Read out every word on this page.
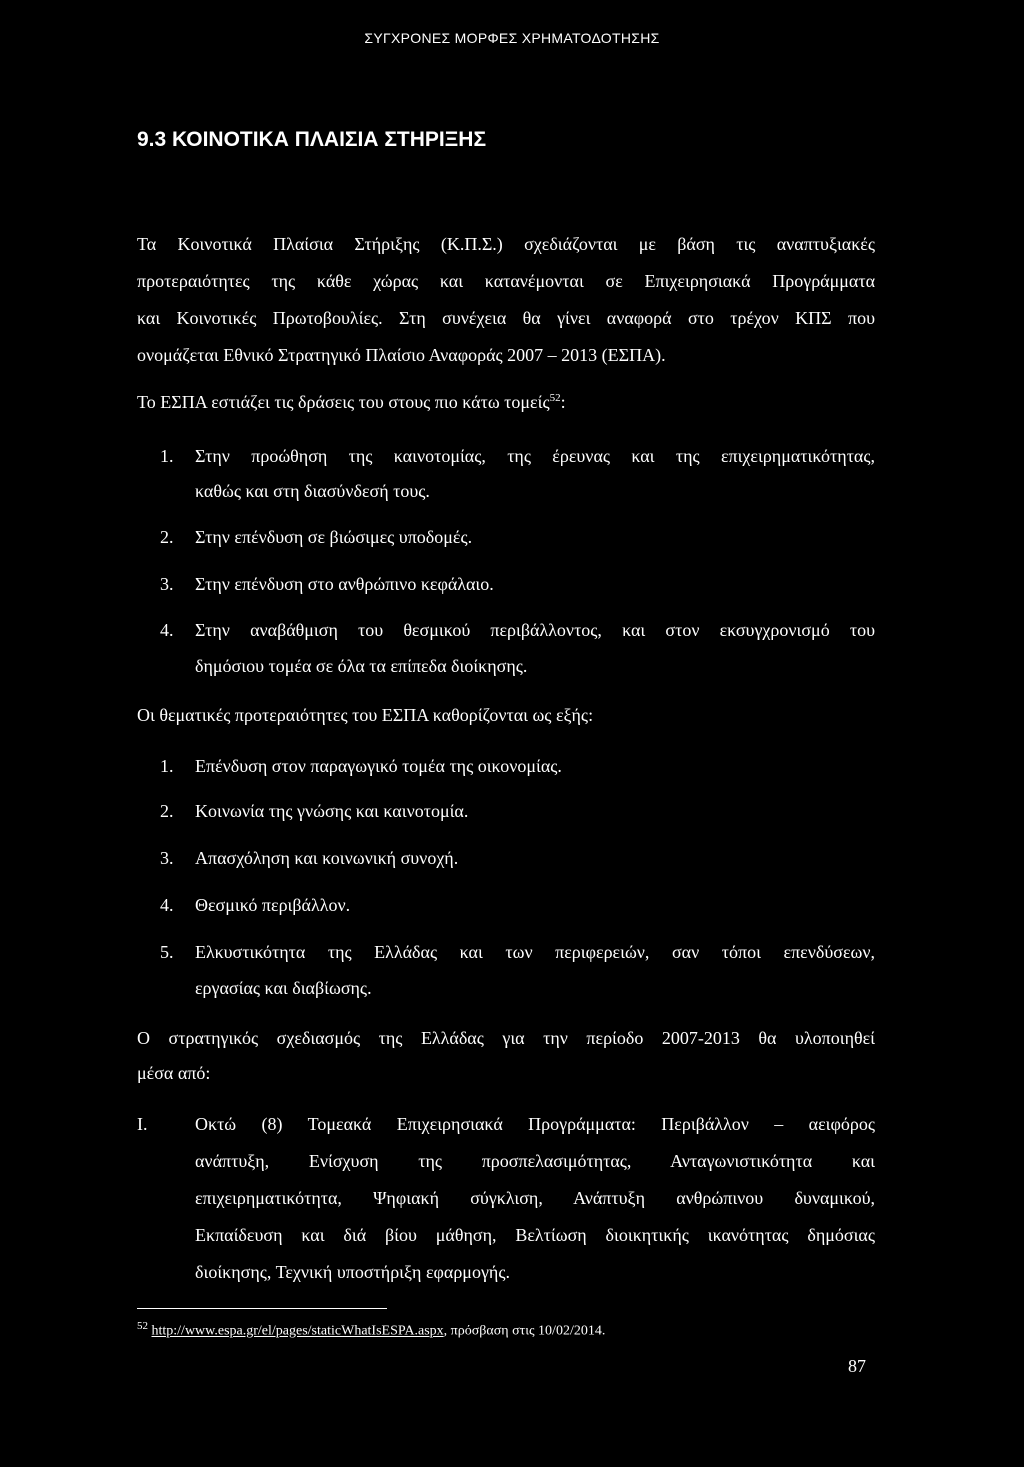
ΣΥΓΧΡΟΝΕΣ ΜΟΡΦΕΣ ΧΡΗΜΑΤΟΔΟΤΗΣΗΣ
9.3 ΚΟΙΝΟΤΙΚΑ ΠΛΑΙΣΙΑ ΣΤΗΡΙΞΗΣ
Τα Κοινοτικά Πλαίσια Στήριξης (Κ.Π.Σ.) σχεδιάζονται με βάση τις αναπτυξιακές
προτεραιότητες της κάθε χώρας και κατανέμονται σε Επιχειρησιακά Προγράμματα
και Κοινοτικές Πρωτοβουλίες. Στη συνέχεια θα γίνει αναφορά στο τρέχον ΚΠΣ που
ονομάζεται Εθνικό Στρατηγικό Πλαίσιο Αναφοράς 2007 – 2013 (ΕΣΠΑ).
Το ΕΣΠΑ εστιάζει τις δράσεις του στους πιο κάτω τομείς$^{52}$:
1. Στην προώθηση της καινοτομίας, της έρευνας και της επιχειρηματικότητας,
καθώς και στη διασύνδεσή τους.
2. Στην επένδυση σε βιώσιμες υποδομές.
3. Στην επένδυση στο ανθρώπινο κεφάλαιο.
4. Στην αναβάθμιση του θεσμικού περιβάλλοντος, και στον εκσυγχρονισμό του
δημόσιου τομέα σε όλα τα επίπεδα διοίκησης.
Οι θεματικές προτεραιότητες του ΕΣΠΑ καθορίζονται ως εξής:
1. Επένδυση στον παραγωγικό τομέα της οικονομίας.
2. Κοινωνία της γνώσης και καινοτομία.
3. Απασχόληση και κοινωνική συνοχή.
4. Θεσμικό περιβάλλον.
5. Ελκυστικότητα της Ελλάδας και των περιφερειών, σαν τόποι επενδύσεων,
εργασίας και διαβίωσης.
Ο στρατηγικός σχεδιασμός της Ελλάδας για την περίοδο 2007-2013 θα υλοποιηθεί
μέσα από:
I.	Οκτώ (8) Τομεακά Επιχειρησιακά Προγράμματα: Περιβάλλον – αειφόρος
ανάπτυξη, Ενίσχυση της προσπελασιμότητας, Ανταγωνιστικότητα και
επιχειρηματικότητα, Ψηφιακή σύγκλιση, Ανάπτυξη ανθρώπινου δυναμικού,
Εκπαίδευση και διά βίου μάθηση, Βελτίωση διοικητικής ικανότητας δημόσιας
διοίκησης, Τεχνική υποστήριξη εφαρμογής.
$^{52}$ http://www.espa.gr/el/pages/staticWhatIsESPA.aspx, πρόσβαση στις 10/02/2014.
87
